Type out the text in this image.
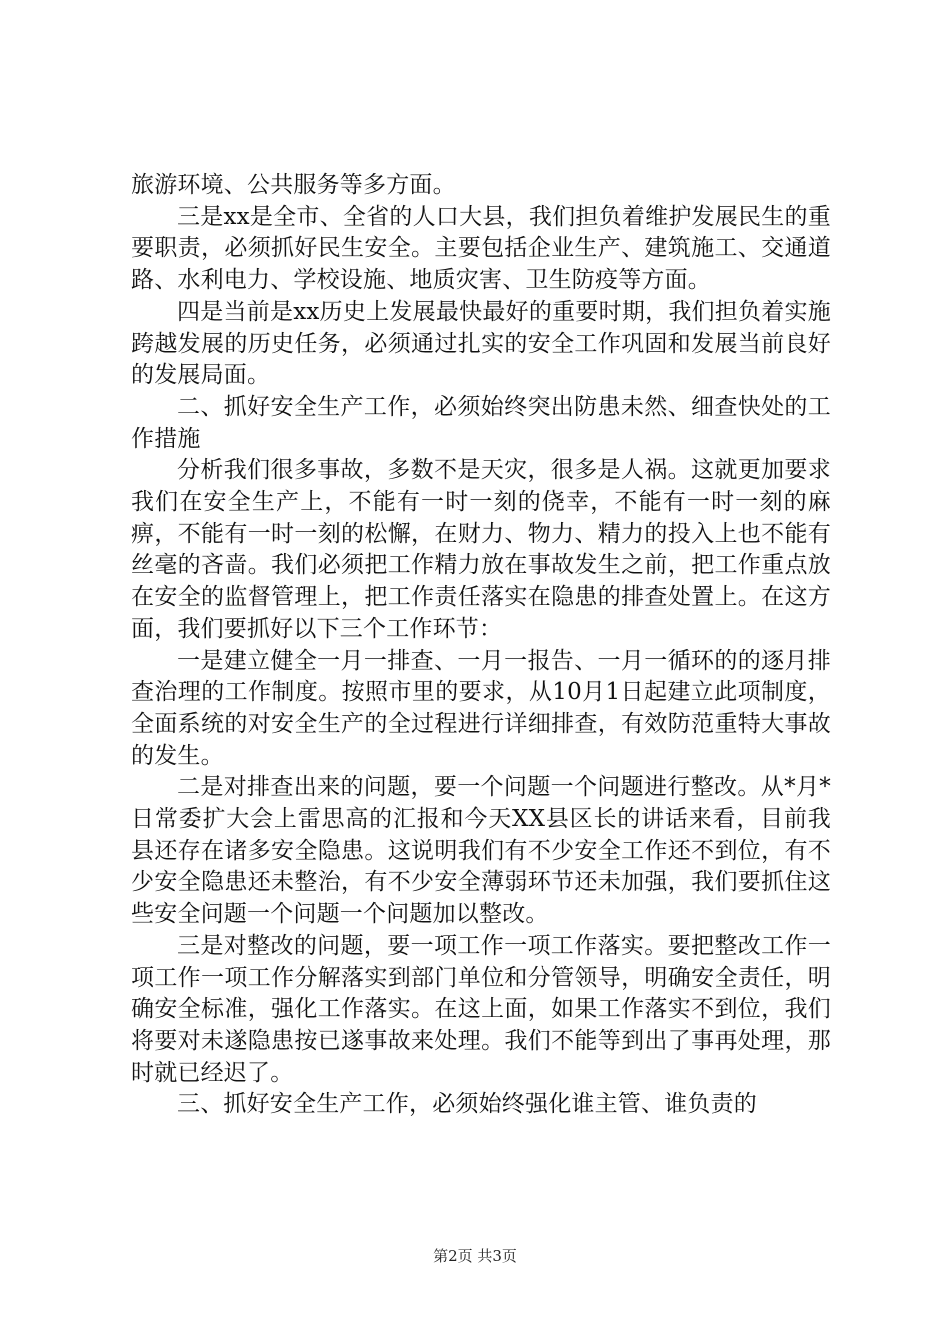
旅游环境、公共服务等多方面。

三是xx是全市、全省的人口大县，我们担负着维护发展民生的重要职责，必须抓好民生安全。主要包括企业生产、建筑施工、交通道路、水利电力、学校设施、地质灾害、卫生防疫等方面。

四是当前是xx历史上发展最快最好的重要时期，我们担负着实施跨越发展的历史任务，必须通过扎实的安全工作巩固和发展当前良好的发展局面。

二、抓好安全生产工作，必须始终突出防患未然、细查快处的工作措施

分析我们很多事故，多数不是天灾，很多是人祸。这就更加要求我们在安全生产上，不能有一时一刻的侥幸，不能有一时一刻的麻痹，不能有一时一刻的松懈，在财力、物力、精力的投入上也不能有丝毫的吝啬。我们必须把工作精力放在事故发生之前，把工作重点放在安全的监督管理上，把工作责任落实在隐患的排查处置上。在这方面，我们要抓好以下三个工作环节：

一是建立健全一月一排查、一月一报告、一月一循环的的逐月排查治理的工作制度。按照市里的要求，从10月1日起建立此项制度，全面系统的对安全生产的全过程进行详细排查，有效防范重特大事故的发生。

二是对排查出来的问题，要一个问题一个问题进行整改。从*月*日常委扩大会上雷思高的汇报和今天XX县区长的讲话来看，目前我县还存在诸多安全隐患。这说明我们有不少安全工作还不到位，有不少安全隐患还未整治，有不少安全薄弱环节还未加强，我们要抓住这些安全问题一个问题一个问题加以整改。

三是对整改的问题，要一项工作一项工作落实。要把整改工作一项工作一项工作分解落实到部门单位和分管领导，明确安全责任，明确安全标准，强化工作落实。在这上面，如果工作落实不到位，我们将要对未遂隐患按已遂事故来处理。我们不能等到出了事再处理，那时就已经迟了。

三、抓好安全生产工作，必须始终强化谁主管、谁负责的

第2页 共3页
